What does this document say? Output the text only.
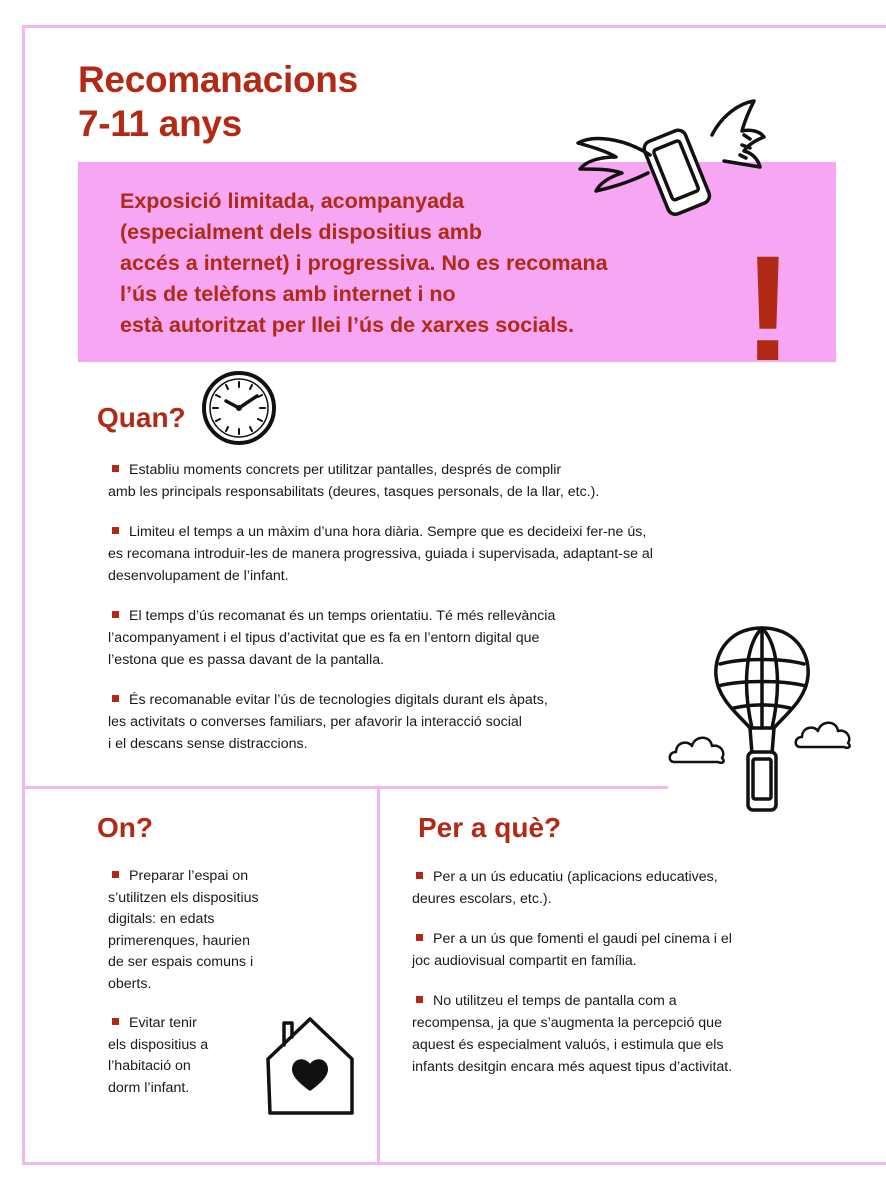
Recomanacions
7-11 anys
Exposició limitada, acompanyada
(especialment dels dispositius amb
accés a internet) i progressiva. No es recomana
l’ús de telèfons amb internet i no
està autoritzat per llei l’ús de xarxes socials.	!
Quan?
Establiu moments concrets per utilitzar pantalles, després de complir
amb les principals responsabilitats (deures, tasques personals, de la llar, etc.).
Limiteu el temps a un màxim d’una hora diària. Sempre que es decideixi fer-ne ús,
es recomana introduir-les de manera progressiva, guiada i supervisada, adaptant-se al
desenvolupament de l’infant.
El temps d’ús recomanat és un temps orientatiu. Té més rellevància
l’acompanyament i el tipus d’activitat que es fa en l’entorn digital que
l’estona que es passa davant de la pantalla.
És recomanable evitar l’ús de tecnologies digitals durant els àpats,
les activitats o converses familiars, per afavorir la interacció social
i el descans sense distraccions.
On?
Preparar l’espai on
s’utilitzen els dispositius
digitals: en edats
primerenques, haurien
de ser espais comuns i
oberts.
Evitar tenir
els dispositius a
l’habitació on
dorm l’infant.
Per a què?
Per a un ús educatiu (aplicacions educatives,
deures escolars, etc.).
Per a un ús que fomenti el gaudi pel cinema i el
joc audiovisual compartit en família.
No utilitzeu el temps de pantalla com a
recompensa, ja que s’augmenta la percepció que
aquest és especialment valuós, i estimula que els
infants desitgin encara més aquest tipus d’activitat.
